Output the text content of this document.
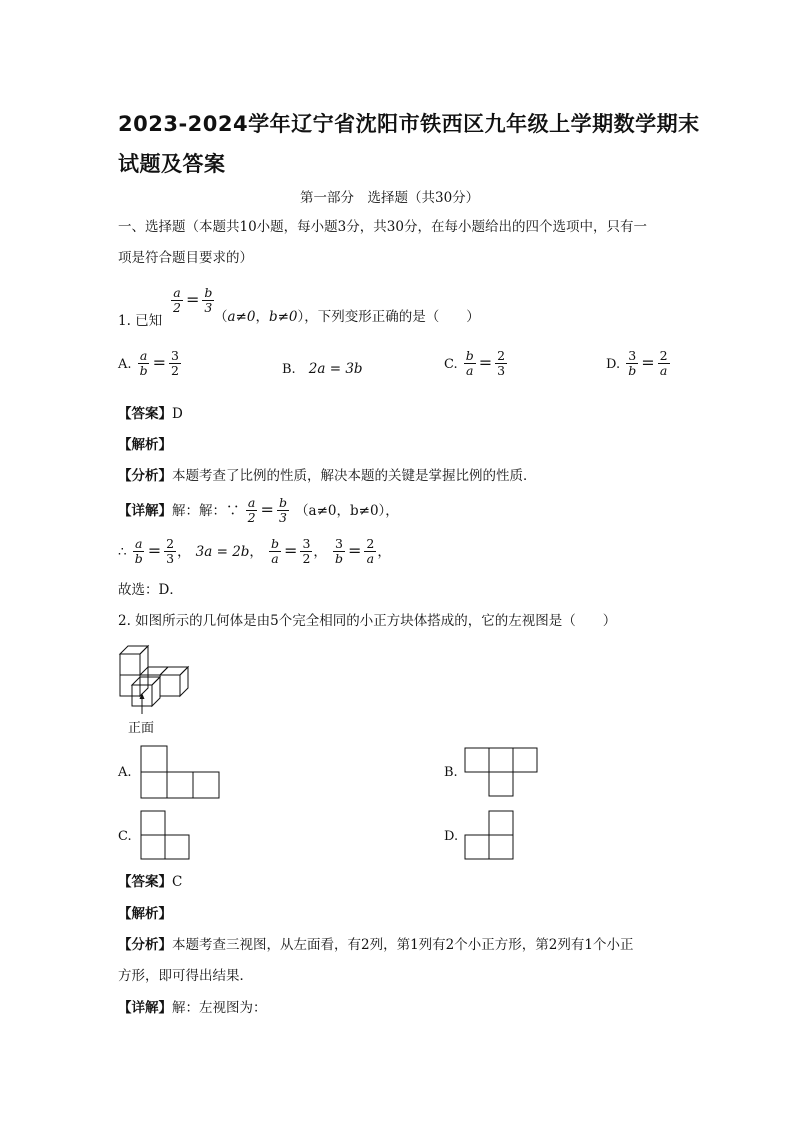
2023-2024学年辽宁省沈阳市铁西区九年级上学期数学期末
试题及答案
第一部分　选择题（共30分）
一、选择题（本题共10小题，每小题3分，共30分，在每小题给出的四个选项中，只有一
项是符合题目要求的）
1. 已知
$\frac{a}{2} = \frac{b}{3}$
（a≠0，b≠0），下列变形正确的是（　　）
A. $\frac{a}{b} = \frac{3}{2}$	B. 2a = 3b	C. $\frac{b}{a} = \frac{2}{3}$	D. $\frac{3}{b} = \frac{2}{a}$
【答案】D
【解析】
【分析】本题考查了比例的性质，解决本题的关键是掌握比例的性质．
【详解】解：解：∵ $\frac{a}{2} = \frac{b}{3} (a\ne 0$，b≠0），
∴ $\frac{a}{b} = \frac{2}{3}$ ， 3a = 2b， $\frac{b}{a} = \frac{3}{2}$ ， $\frac{3}{b} = \frac{2}{a}$ ，
故选：D．
2. 如图所示的几何体是由5个完全相同的小正方块体搭成的，它的左视图是（　　）
正面
A.	B.
C.	D.
【答案】C
【解析】
【分析】本题考查三视图，从左面看，有2列，第1列有2个小正方形，第2列有1个小正
方形，即可得出结果．
【详解】解：左视图为：
